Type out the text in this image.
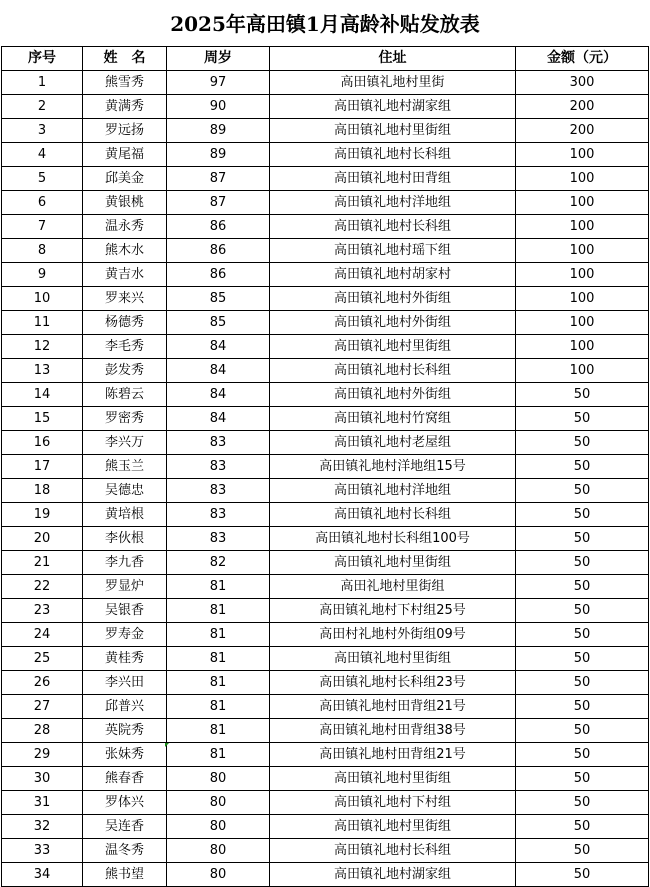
2025年高田镇1月高龄补贴发放表
序号	姓　名	周岁	住址	金额（元）
1	熊雪秀	97	高田镇礼地村里街	300
2	黄满秀	90	高田镇礼地村湖家组	200
3	罗远扬	89	高田镇礼地村里街组	200
4	黄尾福	89	高田镇礼地村长科组	100
5	邱美金	87	高田镇礼地村田背组	100
6	黄银桃	87	高田镇礼地村洋地组	100
7	温永秀	86	高田镇礼地村长科组	100
8	熊木水	86	高田镇礼地村瑶下组	100
9	黄吉水	86	高田镇礼地村胡家村	100
10	罗来兴	85	高田镇礼地村外街组	100
11	杨德秀	85	高田镇礼地村外街组	100
12	李毛秀	84	高田镇礼地村里街组	100
13	彭发秀	84	高田镇礼地村长科组	100
14	陈碧云	84	高田镇礼地村外街组	50
15	罗密秀	84	高田镇礼地村竹窝组	50
16	李兴万	83	高田镇礼地村老屋组	50
17	熊玉兰	83	高田镇礼地村洋地组15号	50
18	吴德忠	83	高田镇礼地村洋地组	50
19	黄培根	83	高田镇礼地村长科组	50
20	李伙根	83	高田镇礼地村长科组100号	50
21	李九香	82	高田镇礼地村里街组	50
22	罗显炉	81	高田礼地村里街组	50
23	吴银香	81	高田镇礼地村下村组25号	50
24	罗寿金	81	高田村礼地村外街组09号	50
25	黄桂秀	81	高田镇礼地村里街组	50
26	李兴田	81	高田镇礼地村长科组23号	50
27	邱普兴	81	高田镇礼地村田背组21号	50
28	英院秀	81	高田镇礼地村田背组38号	50
29	张妹秀	81	高田镇礼地村田背组21号	50
30	熊春香	80	高田镇礼地村里街组	50
31	罗体兴	80	高田镇礼地村下村组	50
32	吴连香	80	高田镇礼地村里街组	50
33	温冬秀	80	高田镇礼地村长科组	50
34	熊书望	80	高田镇礼地村湖家组	50
